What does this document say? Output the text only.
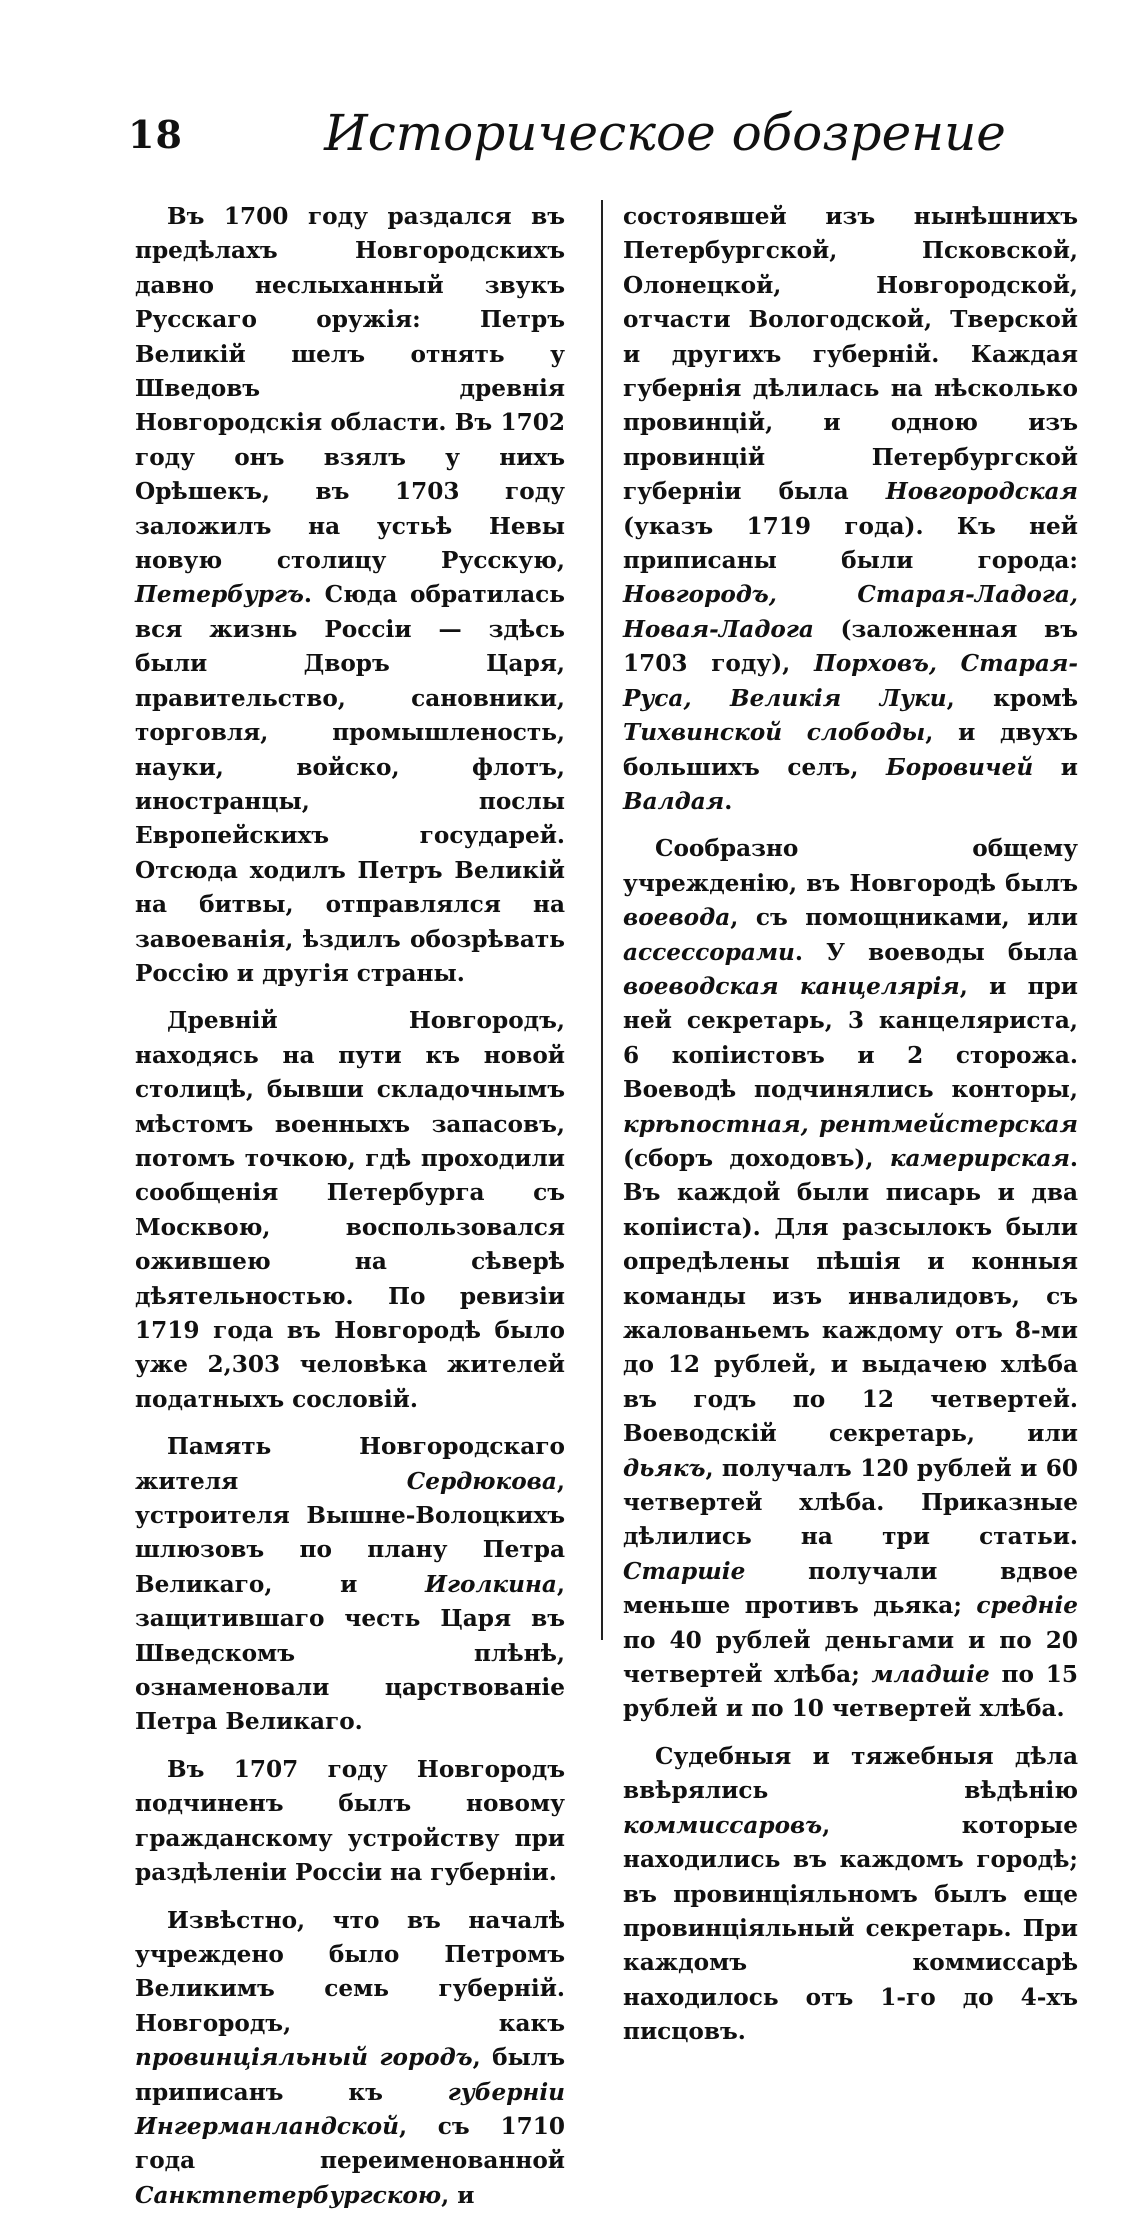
18	Историческое обозрение

Въ 1700 году раздался въ предѣлахъ Новгородскихъ давно неслыханный звукъ Русскаго оружія: Петръ Великій шелъ отнять у Шведовъ древнія Новгородскія области. Въ 1702 году онъ взялъ у нихъ Орѣшекъ, въ 1703 году заложилъ на устьѣ Невы новую столицу Русскую, Петербургъ. Сюда обратилась вся жизнь Россіи — здѣсь были Дворъ Царя, правительство, сановники, торговля, промышленость, науки, войско, флотъ, иностранцы, послы Европейскихъ государей. Отсюда ходилъ Петръ Великій на битвы, отправлялся на завоеванія, ѣздилъ обозрѣвать Россію и другія страны.

Древній Новгородъ, находясь на пути къ новой столицѣ, бывши складочнымъ мѣстомъ военныхъ запасовъ, потомъ точкою, гдѣ проходили сообщенія Петербурга съ Москвою, воспользовался ожившею на сѣверѣ дѣятельностью. По ревизіи 1719 года въ Новгородѣ было уже 2,303 человѣка жителей податныхъ сословій.

Память Новгородскаго жителя Сердюкова, устроителя Вышне-Волоцкихъ шлюзовъ по плану Петра Великаго, и Иголкина, защитившаго честь Царя въ Шведскомъ плѣнѣ, ознаменовали царствованіе Петра Великаго.

Въ 1707 году Новгородъ подчиненъ былъ новому гражданскому устройству при раздѣленіи Россіи на губерніи.

Извѣстно, что въ началѣ учреждено было Петромъ Великимъ семь губерній. Новгородъ, какъ провинціяльный городъ, былъ приписанъ къ губерніи Ингерманландской, съ 1710 года переименованной Санктпетербургскою, и

состоявшей изъ нынѣшнихъ Петербургской, Псковской, Олонецкой, Новгородской, отчасти Вологодской, Тверской и другихъ губерній. Каждая губернія дѣлилась на нѣсколько провинцій, и одною изъ провинцій Петербургской губерніи была Новгородская (указъ 1719 года). Къ ней приписаны были города: Новгородъ, Старая-Ладога, Новая-Ладога (заложенная въ 1703 году), Порховъ, Старая-Руса, Великія Луки, кромѣ Тихвинской слободы, и двухъ большихъ селъ, Боровичей и Валдая.

Сообразно общему учрежденію, въ Новгородѣ былъ воевода, съ помощниками, или ассессорами. У воеводы была воеводская канцелярія, и при ней секретарь, 3 канцеляриста, 6 копіистовъ и 2 сторожа. Воеводѣ подчинялись конторы, крѣпостная, рентмейстерская (сборъ доходовъ), камерирская. Въ каждой были писарь и два копіиста). Для разсылокъ были опредѣлены пѣшія и конныя команды изъ инвалидовъ, съ жалованьемъ каждому отъ 8-ми до 12 рублей, и выдачею хлѣба въ годъ по 12 четвертей. Воеводскій секретарь, или дьякъ, получалъ 120 рублей и 60 четвертей хлѣба. Приказные дѣлились на три статьи. Старшіе получали вдвое меньше противъ дьяка; средніе по 40 рублей деньгами и по 20 четвертей хлѣба; младшіе по 15 рублей и по 10 четвертей хлѣба.

Судебныя и тяжебныя дѣла ввѣрялись вѣдѣнію коммиссаровъ, которые находились въ каждомъ городѣ; въ провинціяльномъ былъ еще провинціяльный секретарь. При каждомъ коммиссарѣ находилось отъ 1-го до 4-хъ писцовъ.
